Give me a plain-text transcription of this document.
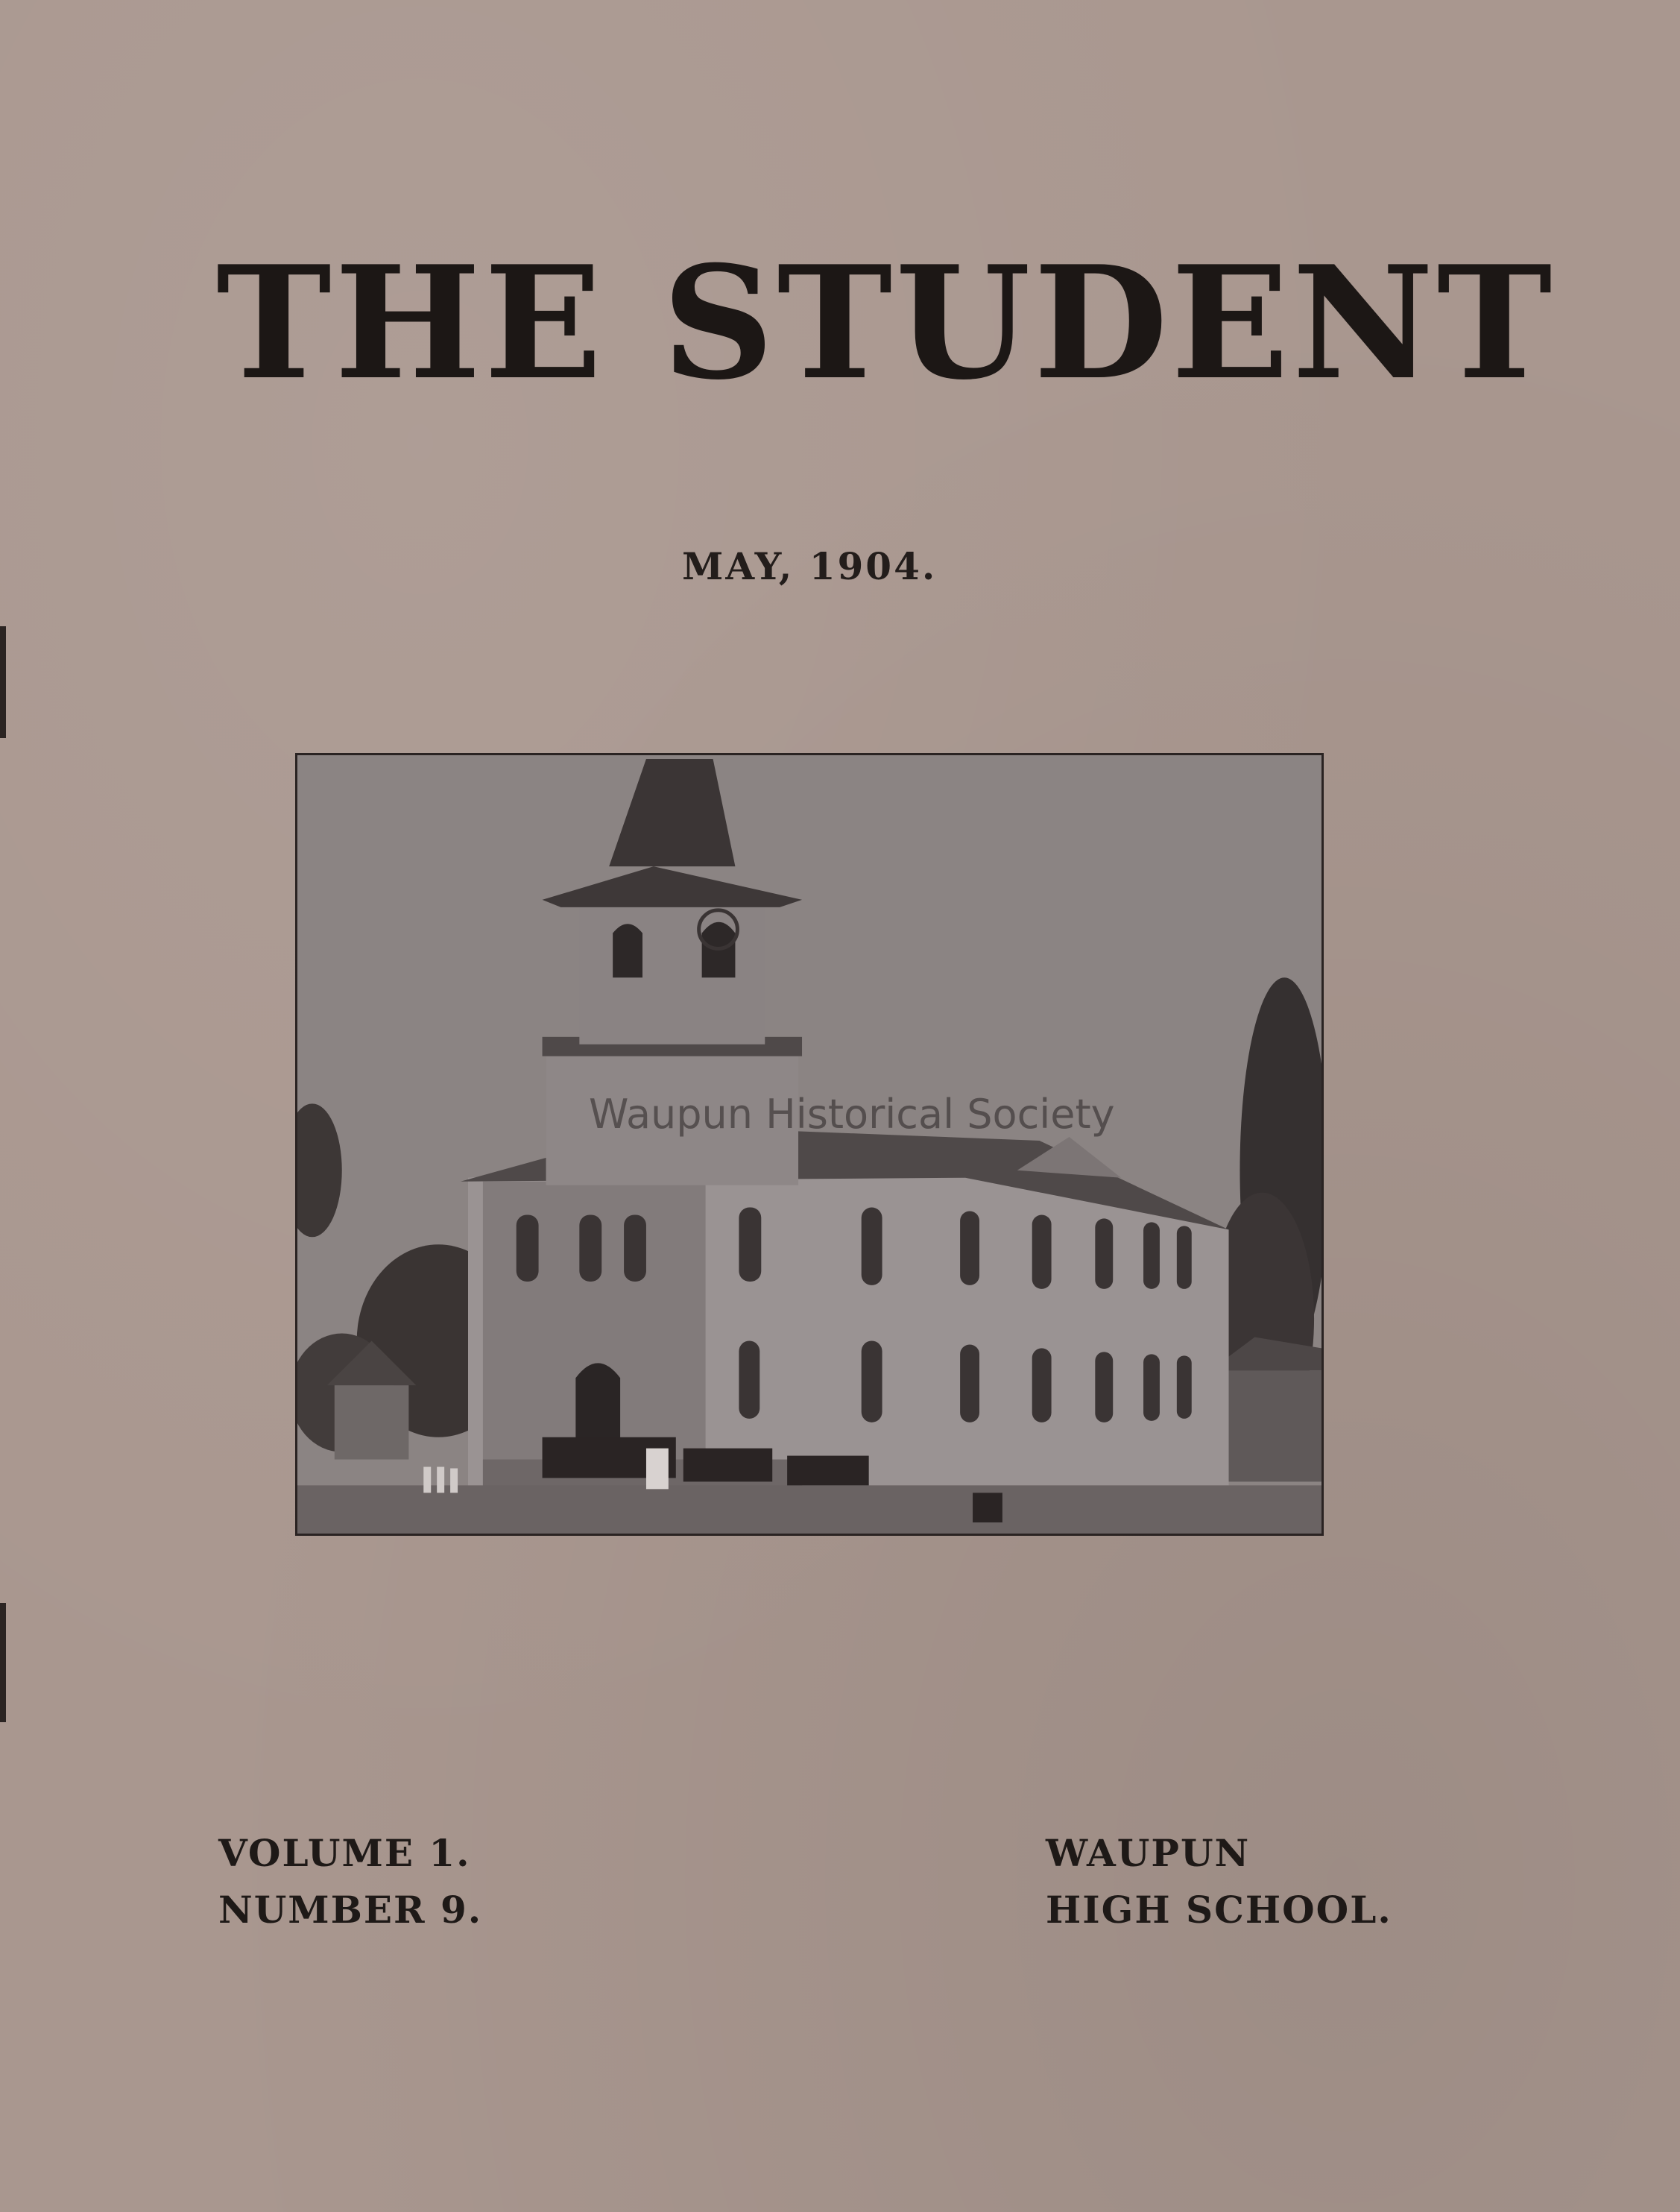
THE STUDENT
MAY, 1904.
Waupun Historical Society
VOLUME 1.
NUMBER 9.
WAUPUN
HIGH SCHOOL.
